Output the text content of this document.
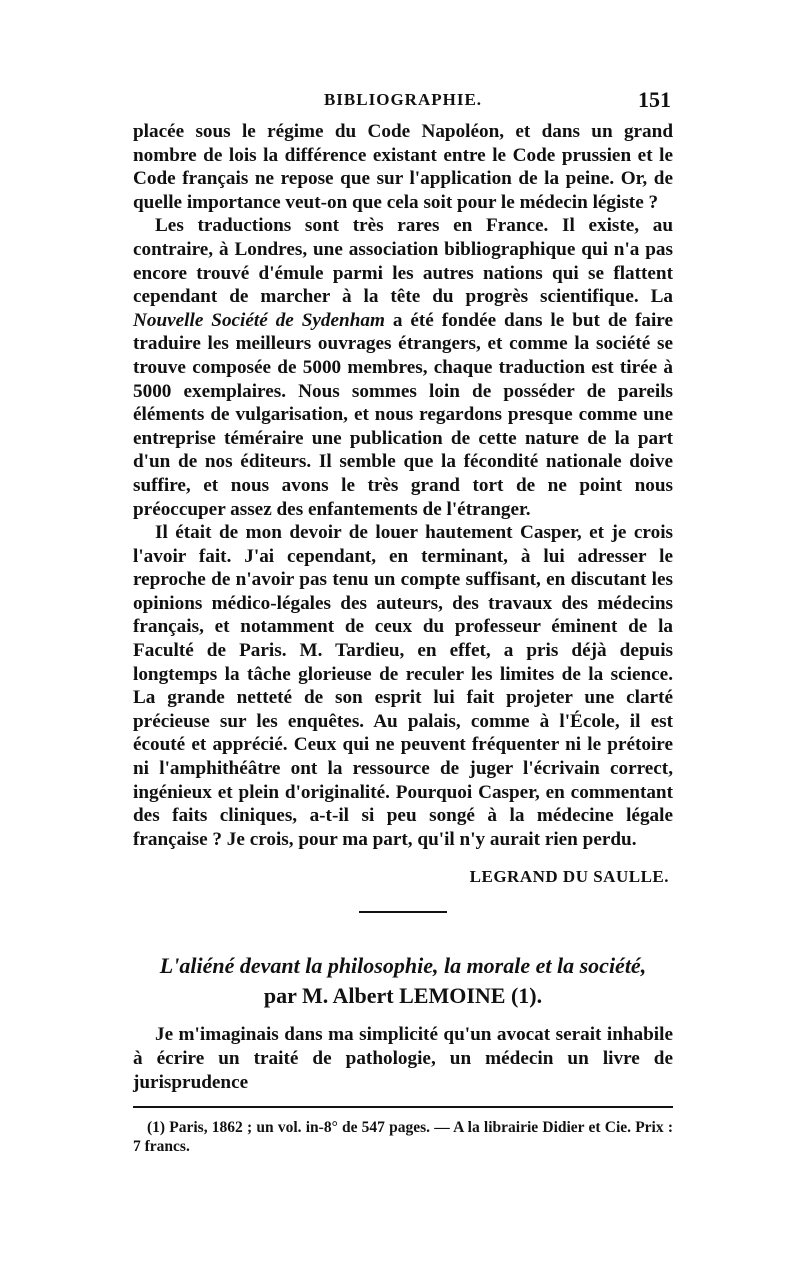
BIBLIOGRAPHIE.	151

placée sous le régime du Code Napoléon, et dans un grand nombre de lois la différence existant entre le Code prussien et le Code français ne repose que sur l'application de la peine. Or, de quelle importance veut-on que cela soit pour le médecin légiste ?

Les traductions sont très rares en France. Il existe, au contraire, à Londres, une association bibliographique qui n'a pas encore trouvé d'émule parmi les autres nations qui se flattent cependant de marcher à la tête du progrès scientifique. La Nouvelle Société de Sydenham a été fondée dans le but de faire traduire les meilleurs ouvrages étrangers, et comme la société se trouve composée de 5000 membres, chaque traduction est tirée à 5000 exemplaires. Nous sommes loin de posséder de pareils éléments de vulgarisation, et nous regardons presque comme une entreprise téméraire une publication de cette nature de la part d'un de nos éditeurs. Il semble que la fécondité nationale doive suffire, et nous avons le très grand tort de ne point nous préoccuper assez des enfantements de l'étranger.

Il était de mon devoir de louer hautement Casper, et je crois l'avoir fait. J'ai cependant, en terminant, à lui adresser le reproche de n'avoir pas tenu un compte suffisant, en discutant les opinions médico-légales des auteurs, des travaux des médecins français, et notamment de ceux du professeur éminent de la Faculté de Paris. M. Tardieu, en effet, a pris déjà depuis longtemps la tâche glorieuse de reculer les limites de la science. La grande netteté de son esprit lui fait projeter une clarté précieuse sur les enquêtes. Au palais, comme à l'École, il est écouté et apprécié. Ceux qui ne peuvent fréquenter ni le prétoire ni l'amphithéâtre ont la ressource de juger l'écrivain correct, ingénieux et plein d'originalité. Pourquoi Casper, en commentant des faits cliniques, a-t-il si peu songé à la médecine légale française ? Je crois, pour ma part, qu'il n'y aurait rien perdu.

LEGRAND DU SAULLE.
L'aliéné devant la philosophie, la morale et la société,
par M. Albert LEMOINE (1).

Je m'imaginais dans ma simplicité qu'un avocat serait inhabile à écrire un traité de pathologie, un médecin un livre de jurisprudence

(1) Paris, 1862 ; un vol. in-8° de 547 pages. — A la librairie Didier et Cie. Prix : 7 francs.
